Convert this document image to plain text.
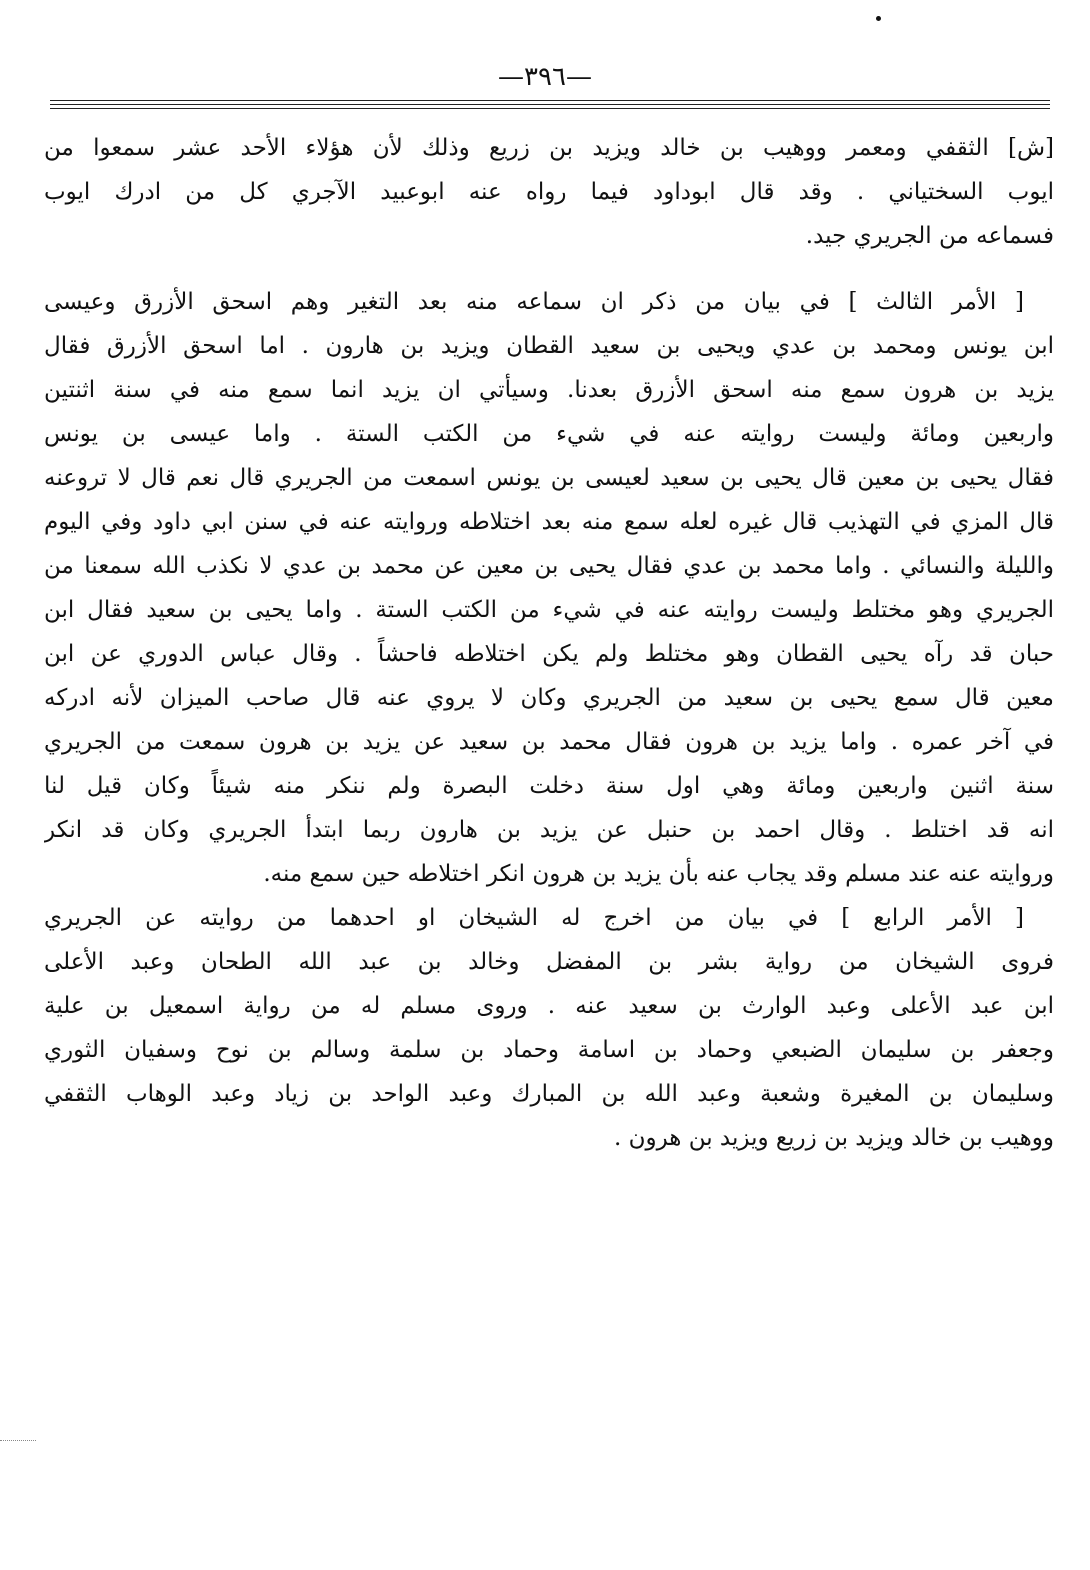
—٣٩٦—
[ش] الثقفي ومعمر ووهيب بن خالد ويزيد بن زريع وذلك لأن هؤلاء الأحد عشر سمعوا من
ايوب السختياني . وقد قال ابوداود فيما رواه عنه ابوعبيد الآجري كل من ادرك ايوب
فسماعه من الجريري جيد.
[ الأمر الثالث ] في بيان من ذكر ان سماعه منه بعد التغير وهم اسحق الأزرق وعيسى
ابن يونس ومحمد بن عدي ويحيى بن سعيد القطان ويزيد بن هارون . اما اسحق الأزرق فقال
يزيد بن هرون سمع منه اسحق الأزرق بعدنا. وسيأتي ان يزيد انما سمع منه في سنة اثنتين
واربعين ومائة وليست روايته عنه في شيء من الكتب الستة . واما عيسى بن يونس
فقال يحيى بن معين قال يحيى بن سعيد لعيسى بن يونس اسمعت من الجريري قال نعم قال لا تروعنه
قال المزي في التهذيب قال غيره لعله سمع منه بعد اختلاطه وروايته عنه في سنن ابي داود وفي اليوم
والليلة والنسائي . واما محمد بن عدي فقال يحيى بن معين عن محمد بن عدي لا نكذب الله سمعنا من
الجريري وهو مختلط وليست روايته عنه في شيء من الكتب الستة . واما يحيى بن سعيد فقال ابن
حبان قد رآه يحيى القطان وهو مختلط ولم يكن اختلاطه فاحشاً . وقال عباس الدوري عن ابن
معين قال سمع يحيى بن سعيد من الجريري وكان لا يروي عنه قال صاحب الميزان لأنه ادركه
في آخر عمره . واما يزيد بن هرون فقال محمد بن سعيد عن يزيد بن هرون سمعت من الجريري
سنة اثنين واربعين ومائة وهي اول سنة دخلت البصرة ولم ننكر منه شيئاً وكان قيل لنا
انه قد اختلط . وقال احمد بن حنبل عن يزيد بن هارون ربما ابتدأ الجريري وكان قد انكر
وروايته عنه عند مسلم وقد يجاب عنه بأن يزيد بن هرون انكر اختلاطه حين سمع منه.
[ الأمر الرابع ] في بيان من اخرج له الشيخان او احدهما من روايته عن الجريري
فروى الشيخان من رواية بشر بن المفضل وخالد بن عبد الله الطحان وعبد الأعلى
ابن عبد الأعلى وعبد الوارث بن سعيد عنه . وروى مسلم له من رواية اسمعيل بن علية
وجعفر بن سليمان الضبعي وحماد بن اسامة وحماد بن سلمة وسالم بن نوح وسفيان الثوري
وسليمان بن المغيرة وشعبة وعبد الله بن المبارك وعبد الواحد بن زياد وعبد الوهاب الثقفي
ووهيب بن خالد ويزيد بن زريع ويزيد بن هرون .
